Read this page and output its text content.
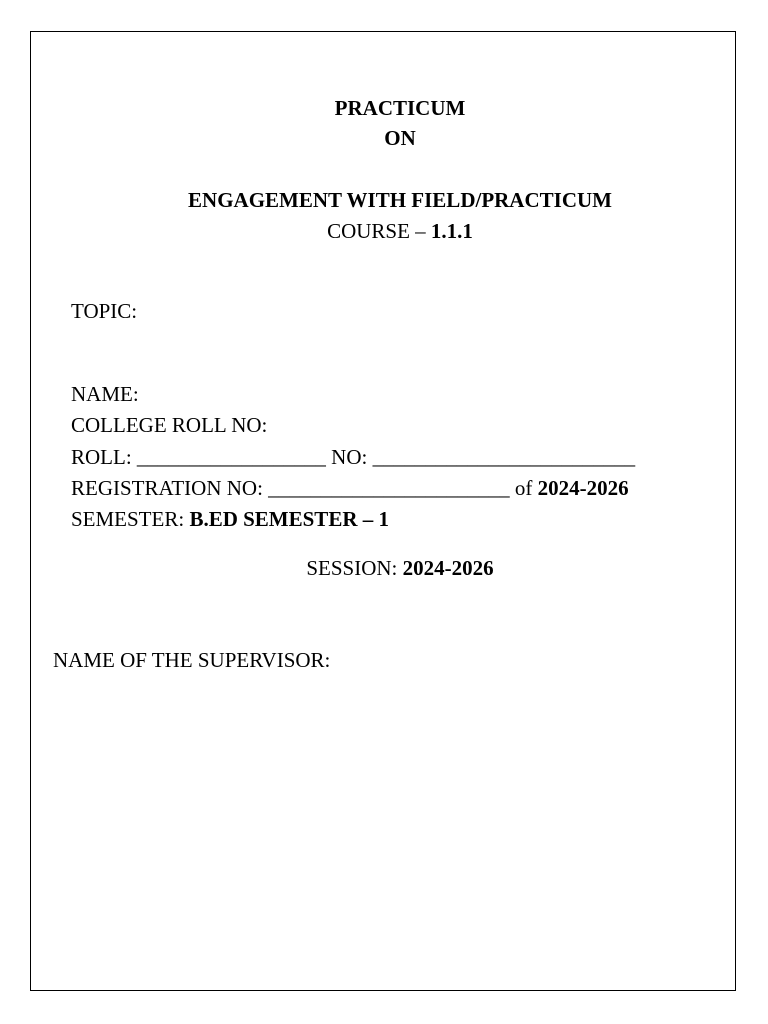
PRACTICUM
ON
ENGAGEMENT WITH FIELD/PRACTICUM
COURSE – 1.1.1
TOPIC:
NAME:
COLLEGE ROLL NO:
ROLL: __________________ NO: _________________________
REGISTRATION NO: _______________________ of 2024-2026
SEMESTER: B.ED SEMESTER – 1
SESSION: 2024-2026
NAME OF THE SUPERVISOR:
